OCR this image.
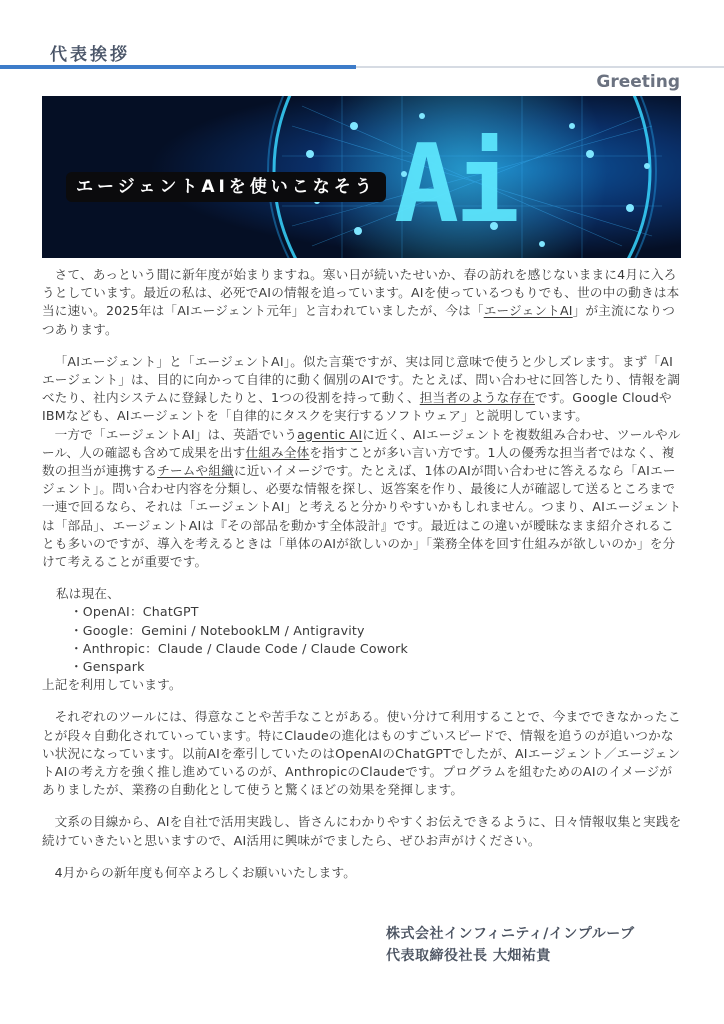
代表挨拶
Greeting
Ai
エージェントAIを使いこなそう

さて、あっという間に新年度が始まりますね。寒い日が続いたせいか、春の訪れを感じないままに4月に入ろうとしています。最近の私は、必死でAIの情報を追っています。AIを使っているつもりでも、世の中の動きは本当に速い。2025年は「AIエージェント元年」と言われていましたが、今は「エージェントAI」が主流になりつつあります。

「AIエージェント」と「エージェントAI」。似た言葉ですが、実は同じ意味で使うと少しズレます。まず「AIエージェント」は、目的に向かって自律的に動く個別のAIです。たとえば、問い合わせに回答したり、情報を調べたり、社内システムに登録したりと、1つの役割を持って動く、担当者のような存在です。Google CloudやIBMなども、AIエージェントを「自律的にタスクを実行するソフトウェア」と説明しています。

一方で「エージェントAI」は、英語でいうagentic AIに近く、AIエージェントを複数組み合わせ、ツールやルール、人の確認も含めて成果を出す仕組み全体を指すことが多い言い方です。1人の優秀な担当者ではなく、複数の担当が連携するチームや組織に近いイメージです。たとえば、1体のAIが問い合わせに答えるなら「AIエージェント」。問い合わせ内容を分類し、必要な情報を探し、返答案を作り、最後に人が確認して送るところまで一連で回るなら、それは「エージェントAI」と考えると分かりやすいかもしれません。つまり、AIエージェントは「部品」、エージェントAIは『その部品を動かす全体設計』です。最近はこの違いが曖昧なまま紹介されることも多いのですが、導入を考えるときは「単体のAIが欲しいのか」「業務全体を回す仕組みが欲しいのか」を分けて考えることが重要です。

私は現在、
・OpenAI：ChatGPT
・Google：Gemini / NotebookLM / Antigravity
・Anthropic：Claude / Claude Code / Claude Cowork
・Genspark

上記を利用しています。

それぞれのツールには、得意なことや苦手なことがある。使い分けて利用することで、今までできなかったことが段々自動化されていっています。特にClaudeの進化はものすごいスピードで、情報を追うのが追いつかない状況になっています。以前AIを牽引していたのはOpenAIのChatGPTでしたが、AIエージェント／エージェントAIの考え方を強く推し進めているのが、AnthropicのClaudeです。プログラムを組むためのAIのイメージがありましたが、業務の自動化として使うと驚くほどの効果を発揮します。

文系の目線から、AIを自社で活用実践し、皆さんにわかりやすくお伝えできるように、日々情報収集と実践を続けていきたいと思いますので、AI活用に興味がでましたら、ぜひお声がけください。

4月からの新年度も何卒よろしくお願いいたします。

株式会社インフィニティ/インプルーブ
代表取締役社長 大畑祐貴
